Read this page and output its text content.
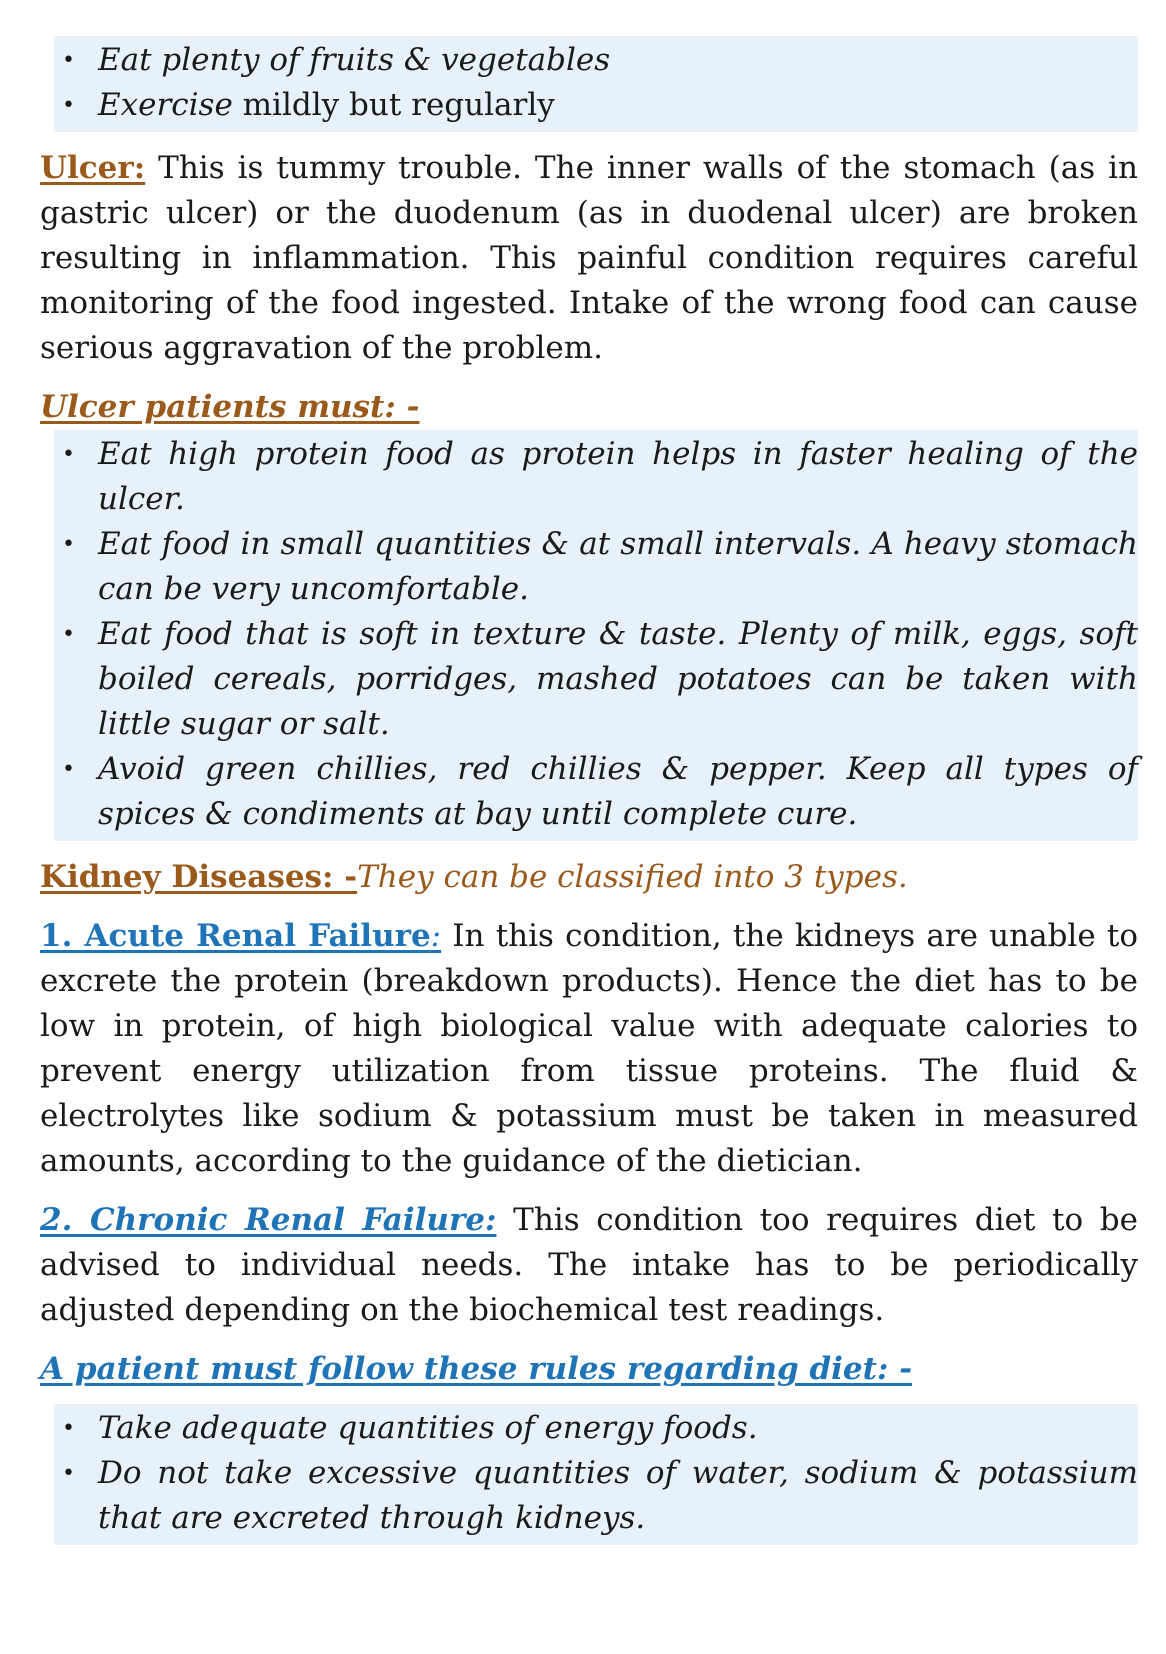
• Eat plenty of fruits & vegetables
• Exercise mildly but regularly

Ulcer: This is tummy trouble. The inner walls of the stomach (as in gastric ulcer) or the duodenum (as in duodenal ulcer) are broken resulting in inflammation. This painful condition requires careful monitoring of the food ingested. Intake of the wrong food can cause serious aggravation of the problem.

Ulcer patients must: -
• Eat high protein food as protein helps in faster healing of the ulcer.
• Eat food in small quantities & at small intervals. A heavy stomach can be very uncomfortable.
• Eat food that is soft in texture & taste. Plenty of milk, eggs, soft boiled cereals, porridges, mashed potatoes can be taken with little sugar or salt.
• Avoid green chillies, red chillies & pepper. Keep all types of spices & condiments at bay until complete cure.
Kidney Diseases: -They can be classified into 3 types.

1. Acute Renal Failure: In this condition, the kidneys are unable to excrete the protein (breakdown products). Hence the diet has to be low in protein, of high biological value with adequate calories to prevent energy utilization from tissue proteins. The fluid & electrolytes like sodium & potassium must be taken in measured amounts, according to the guidance of the dietician.

2. Chronic Renal Failure: This condition too requires diet to be advised to individual needs. The intake has to be periodically adjusted depending on the biochemical test readings.

A patient must follow these rules regarding diet: -
• Take adequate quantities of energy foods.
• Do not take excessive quantities of water, sodium & potassium that are excreted through kidneys.
